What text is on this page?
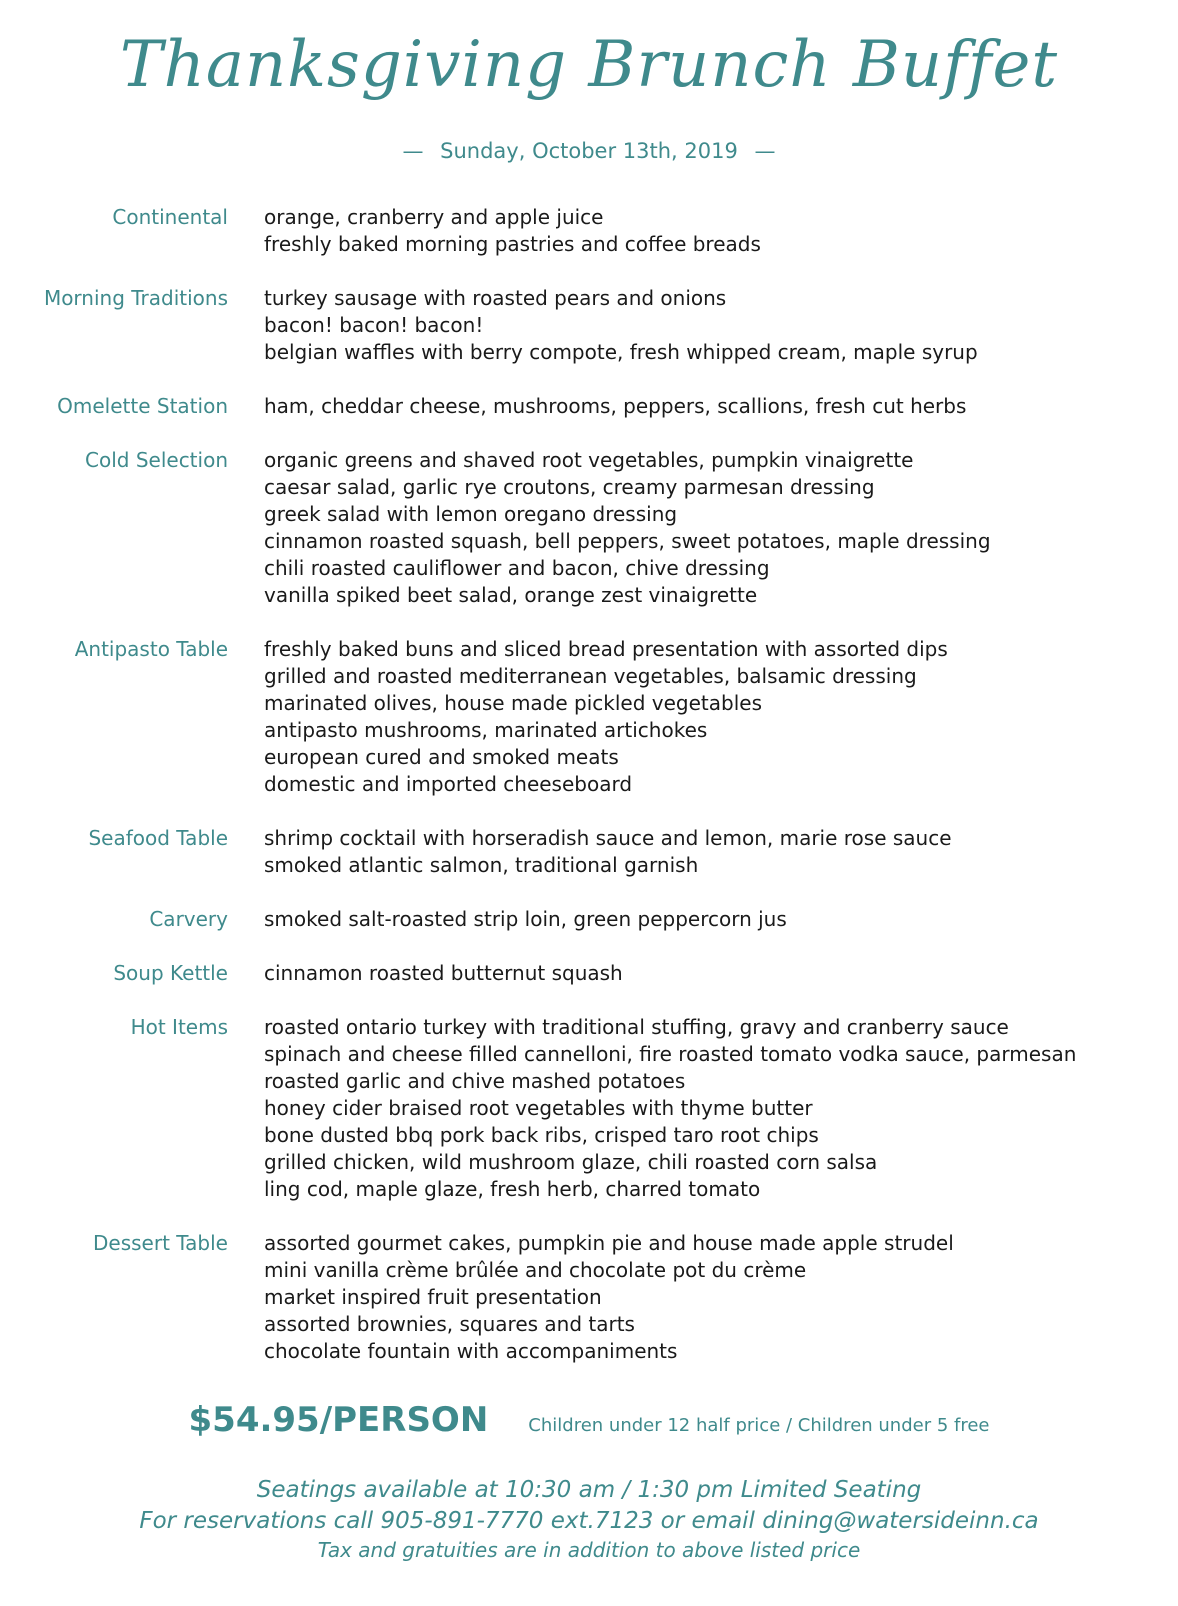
Thanksgiving Brunch Buffet
— Sunday, October 13th, 2019 —
Continental orange, cranberry and apple juice
freshly baked morning pastries and coffee breads
Morning Traditions turkey sausage with roasted pears and onions
bacon! bacon! bacon!
belgian waffles with berry compote, fresh whipped cream, maple syrup
Omelette Station ham, cheddar cheese, mushrooms, peppers, scallions, fresh cut herbs
Cold Selection organic greens and shaved root vegetables, pumpkin vinaigrette
caesar salad, garlic rye croutons, creamy parmesan dressing
greek salad with lemon oregano dressing
cinnamon roasted squash, bell peppers, sweet potatoes, maple dressing
chili roasted cauliflower and bacon, chive dressing
vanilla spiked beet salad, orange zest vinaigrette
Antipasto Table freshly baked buns and sliced bread presentation with assorted dips
grilled and roasted mediterranean vegetables, balsamic dressing
marinated olives, house made pickled vegetables
antipasto mushrooms, marinated artichokes
european cured and smoked meats
domestic and imported cheeseboard
Seafood Table shrimp cocktail with horseradish sauce and lemon, marie rose sauce
smoked atlantic salmon, traditional garnish
Carvery smoked salt-roasted strip loin, green peppercorn jus
Soup Kettle cinnamon roasted butternut squash
Hot Items roasted ontario turkey with traditional stuffing, gravy and cranberry sauce
spinach and cheese filled cannelloni, fire roasted tomato vodka sauce, parmesan
roasted garlic and chive mashed potatoes
honey cider braised root vegetables with thyme butter
bone dusted bbq pork back ribs, crisped taro root chips
grilled chicken, wild mushroom glaze, chili roasted corn salsa
ling cod, maple glaze, fresh herb, charred tomato
Dessert Table assorted gourmet cakes, pumpkin pie and house made apple strudel
mini vanilla crème brûlée and chocolate pot du crème
market inspired fruit presentation
assorted brownies, squares and tarts
chocolate fountain with accompaniments
$54.95/PERSON Children under 12 half price / Children under 5 free
Seatings available at 10:30 am / 1:30 pm Limited Seating
For reservations call 905-891-7770 ext.7123 or email dining@watersideinn.ca
Tax and gratuities are in addition to above listed price
